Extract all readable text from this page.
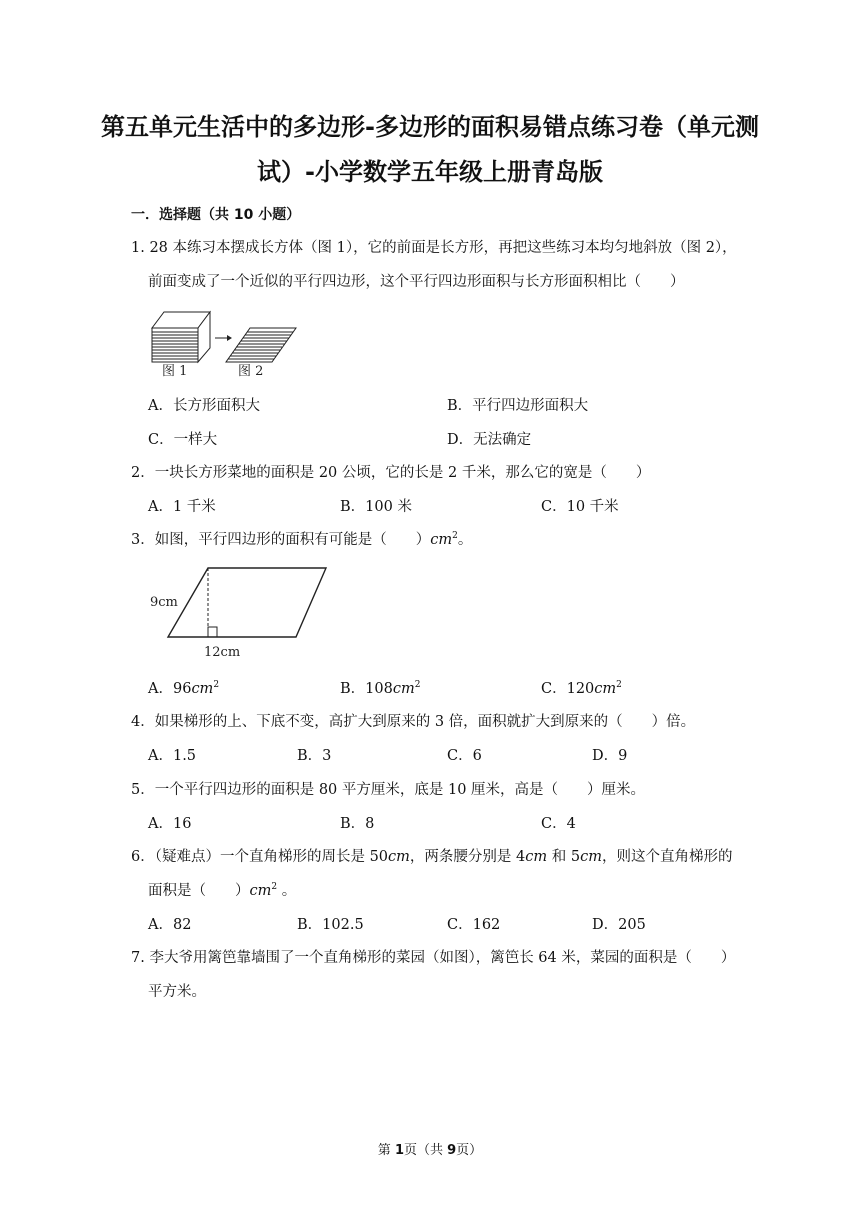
第五单元生活中的多边形-多边形的面积易错点练习卷（单元测
试）-小学数学五年级上册青岛版
一．选择题（共 10 小题）
1. 28 本练习本摆成长方体（图 1），它的前面是长方形，再把这些练习本均匀地斜放（图 2），
前面变成了一个近似的平行四边形，这个平行四边形面积与长方形面积相比（　　）
图 1	图 2
A．长方形面积大	B．平行四边形面积大
C．一样大	D．无法确定
2．一块长方形菜地的面积是 20 公顷，它的长是 2 千米，那么它的宽是（　　）
A．1 千米	B．100 米	C．10 千米
3．如图，平行四边形的面积有可能是（　　）$cm^2$。
9cm
12cm
A．$96cm^2$	B．$108cm^2$	C．$120cm^2$
4．如果梯形的上、下底不变，高扩大到原来的 3 倍，面积就扩大到原来的（　　）倍。
A．1.5	B．3	C．6	D．9
5．一个平行四边形的面积是 80 平方厘米，底是 10 厘米，高是（　　）厘米。
A．16	B．8	C．4
6．（疑难点）一个直角梯形的周长是 50cm，两条腰分别是 4cm 和 5cm，则这个直角梯形的
面积是（　　）$cm^2$ 。
A．82	B．102.5	C．162	D．205
7. 李大爷用篱笆靠墙围了一个直角梯形的菜园（如图），篱笆长 64 米，菜园的面积是（　　）
平方米。
第 1页（共 9页）
